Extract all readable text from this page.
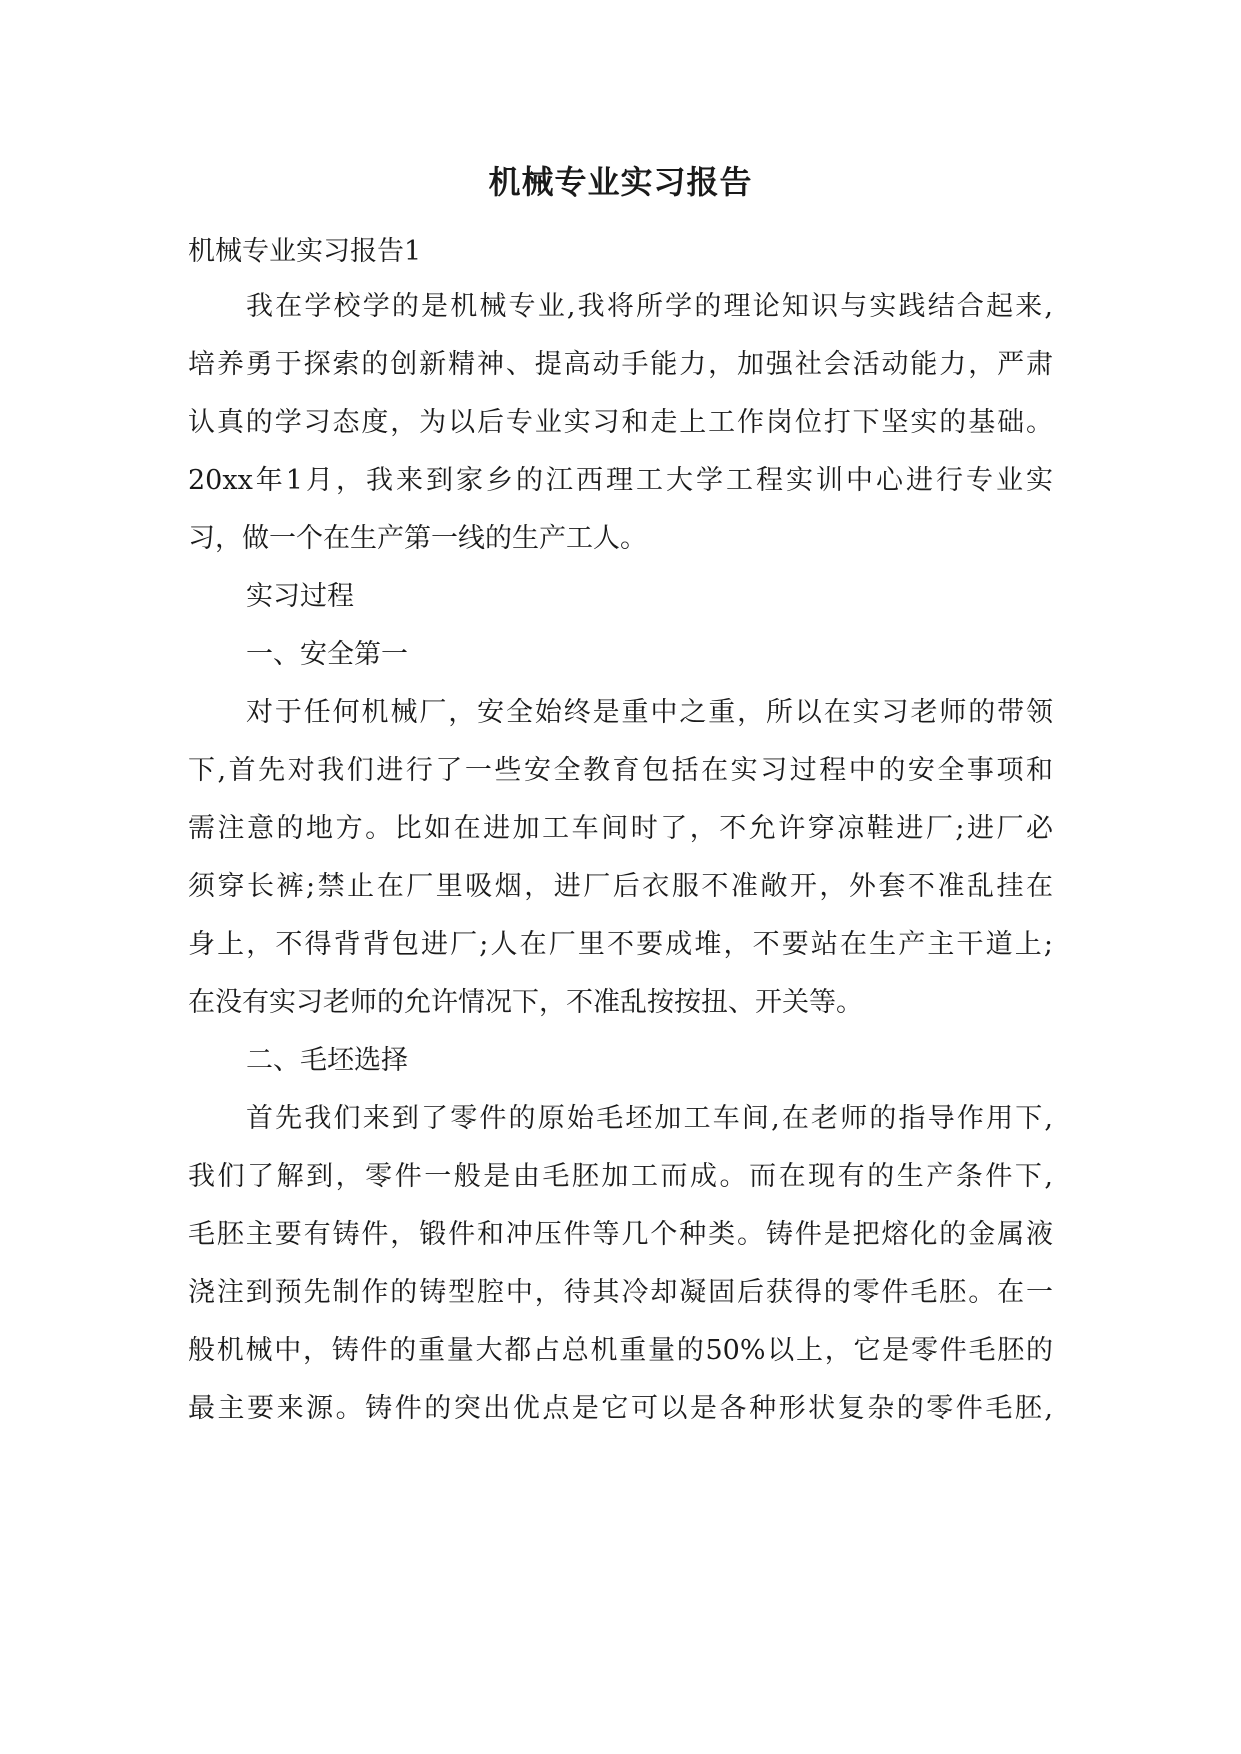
机械专业实习报告

机械专业实习报告1

我在学校学的是机械专业,我将所学的理论知识与实践结合起来,

培养勇于探索的创新精神、提高动手能力，加强社会活动能力，严肃

认真的学习态度，为以后专业实习和走上工作岗位打下坚实的基础。

20xx年1月，我来到家乡的江西理工大学工程实训中心进行专业实

习，做一个在生产第一线的生产工人。

实习过程

一、安全第一

对于任何机械厂，安全始终是重中之重，所以在实习老师的带领

下,首先对我们进行了一些安全教育包括在实习过程中的安全事项和

需注意的地方。比如在进加工车间时了，不允许穿凉鞋进厂;进厂必

须穿长裤;禁止在厂里吸烟，进厂后衣服不准敞开，外套不准乱挂在

身上，不得背背包进厂;人在厂里不要成堆，不要站在生产主干道上;

在没有实习老师的允许情况下，不准乱按按扭、开关等。

二、毛坯选择

首先我们来到了零件的原始毛坯加工车间,在老师的指导作用下,

我们了解到，零件一般是由毛胚加工而成。而在现有的生产条件下,

毛胚主要有铸件，锻件和冲压件等几个种类。铸件是把熔化的金属液

浇注到预先制作的铸型腔中，待其冷却凝固后获得的零件毛胚。在一

般机械中，铸件的重量大都占总机重量的50%以上，它是零件毛胚的

最主要来源。铸件的突出优点是它可以是各种形状复杂的零件毛胚,
